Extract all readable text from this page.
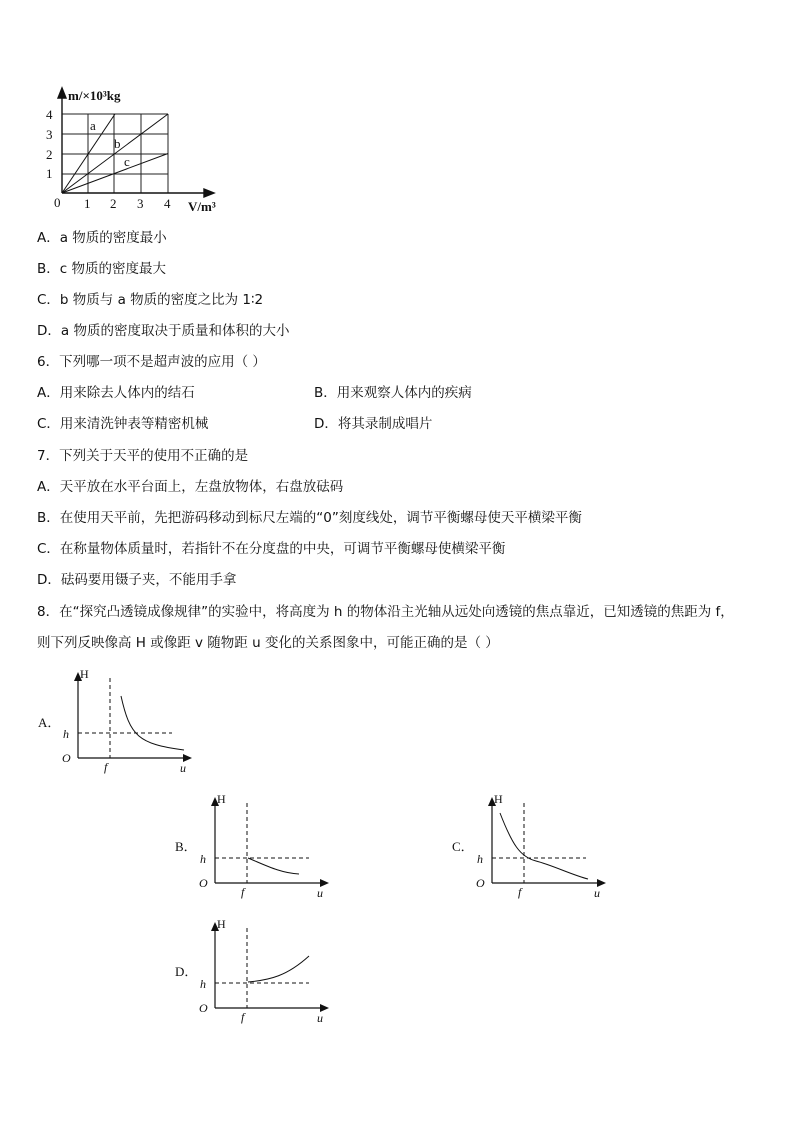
m/×10³kg
V/m³
0 1 2 3 4
1
2
3
4
a
b
c
A．a 物质的密度最小
B．c 物质的密度最大
C．b 物质与 a 物质的密度之比为 1∶2
D．a 物质的密度取决于质量和体积的大小
6．下列哪一项不是超声波的应用（ ）
A．用来除去人体内的结石	B．用来观察人体内的疾病
C．用来清洗钟表等精密机械	D．将其录制成唱片
7．下列关于天平的使用不正确的是
A．天平放在水平台面上，左盘放物体，右盘放砝码
B．在使用天平前，先把游码移动到标尺左端的“0”刻度线处，调节平衡螺母使天平横梁平衡
C．在称量物体质量时，若指针不在分度盘的中央，可调节平衡螺母使横梁平衡
D．砝码要用镊子夹，不能用手拿
8．在“探究凸透镜成像规律”的实验中，将高度为 h 的物体沿主光轴从远处向透镜的焦点靠近，已知透镜的焦距为 f，
则下列反映像高 H 或像距 v 随物距 u 变化的关系图象中，可能正确的是（ ）
A．
B．	C．
D．
H
u
O
h
f
H
u
O
h
f
H
u
O
h
f
H
u
O
h
f
